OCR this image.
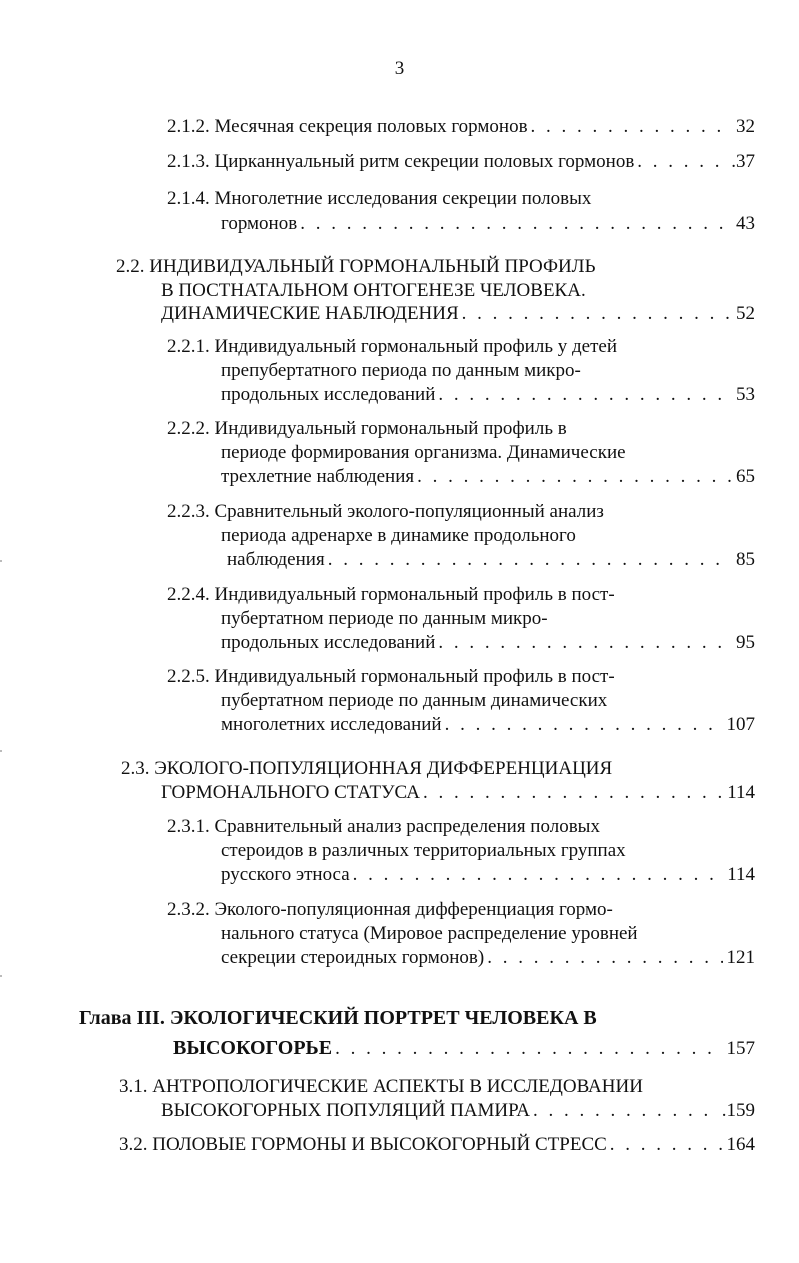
3
2.1.2. Месячная секреция половых гормонов . . .	32
2.1.3. Цирканнуальный ритм секреции половых гормонов . . .	.37
2.1.4. Многолетние исследования секреции половых
гормонов . . .	43
2.2. ИНДИВИДУАЛЬНЫЙ ГОРМОНАЛЬНЫЙ ПРОФИЛЬ
В ПОСТНАТАЛЬНОМ ОНТОГЕНЕЗЕ ЧЕЛОВЕКА.
ДИНАМИЧЕСКИЕ НАБЛЮДЕНИЯ . . .	52
2.2.1. Индивидуальный гормональный профиль у детей
препубертатного периода по данным микро-
продольных исследований . . .	53
2.2.2. Индивидуальный гормональный профиль в
периоде формирования организма. Динамические
трехлетние наблюдения . . .	65
2.2.3. Сравнительный эколого-популяционный анализ
периода адренархе в динамике продольного
наблюдения . . .	85
2.2.4. Индивидуальный гормональный профиль в пост-
пубертатном периоде по данным микро-
продольных исследований . . .	95
2.2.5. Индивидуальный гормональный профиль в пост-
пубертатном периоде по данным динамических
многолетних исследований . . .	107
2.3. ЭКОЛОГО-ПОПУЛЯЦИОННАЯ ДИФФЕРЕНЦИАЦИЯ
ГОРМОНАЛЬНОГО СТАТУСА . . .	114
2.3.1. Сравнительный анализ распределения половых
стероидов в различных территориальных группах
русского этноса . . .	114
2.3.2. Эколого-популяционная дифференциация гормо-
нального статуса (Мировое распределение уровней
секреции стероидных гормонов) . . .	121
Глава III. ЭКОЛОГИЧЕСКИЙ ПОРТРЕТ ЧЕЛОВЕКА В
ВЫСОКОГОРЬЕ . . .	157
3.1. АНТРОПОЛОГИЧЕСКИЕ АСПЕКТЫ В ИССЛЕДОВАНИИ
ВЫСОКОГОРНЫХ ПОПУЛЯЦИЙ ПАМИРА . . .	.159
3.2. ПОЛОВЫЕ ГОРМОНЫ И ВЫСОКОГОРНЫЙ СТРЕСС . . .	164
